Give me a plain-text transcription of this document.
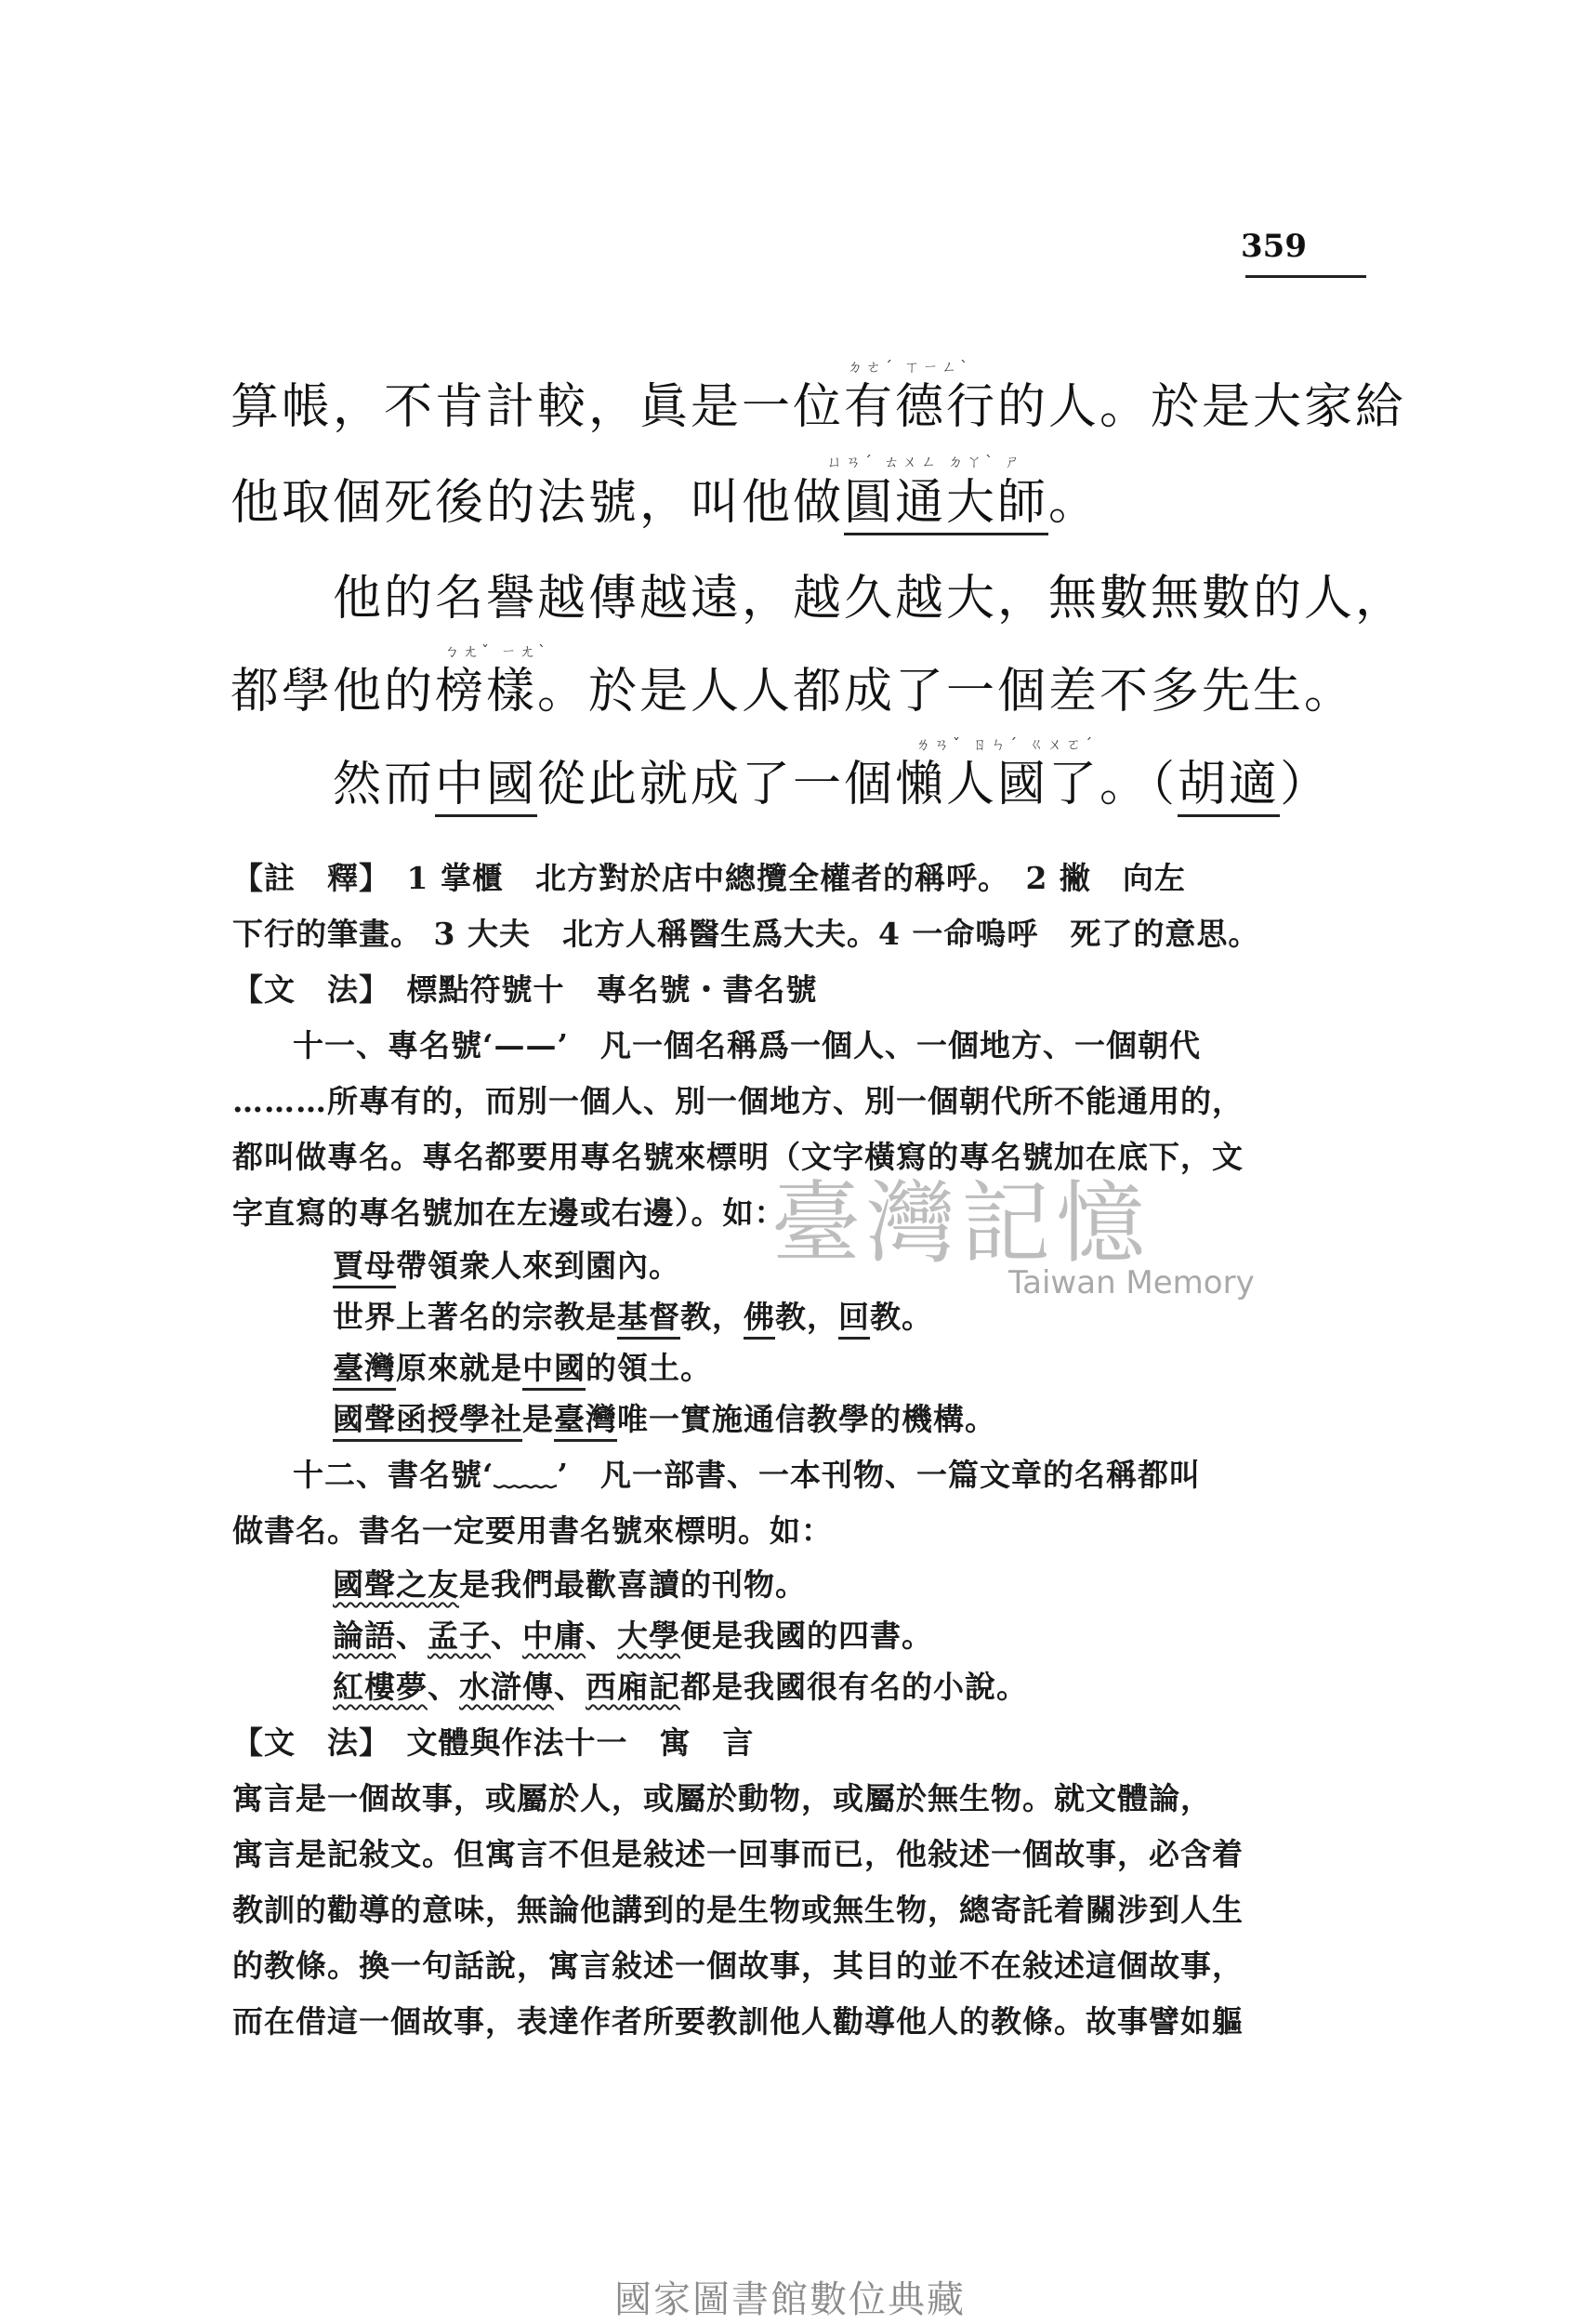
359
ㄉㄜˊ ㄒㄧㄥˋ
ㄩㄢˊ ㄊㄨㄥ ㄉㄚˋ ㄕ
ㄅㄤˇ ㄧㄤˋ
ㄌㄢˇ ㄖㄣˊ ㄍㄨㄛˊ
算帳，不肯計較，眞是一位有德行的人。於是大家給
他取個死後的法號，叫他做圓通大師。
他的名譽越傳越遠，越久越大，無數無數的人，
都學他的榜樣。於是人人都成了一個差不多先生。
然而中國從此就成了一個懶人國了。（胡適）
【註　釋】　1 掌櫃　北方對於店中總攬全權者的稱呼。　2 撇　向左
下行的筆畫。 3 大夫　北方人稱醫生爲大夫。4 一命嗚呼　死了的意思。
【文　法】　標點符號十　專名號・書名號
十一、專名號‘——’　凡一個名稱爲一個人、一個地方、一個朝代
………所專有的，而別一個人、別一個地方、別一個朝代所不能通用的，
都叫做專名。專名都要用專名號來標明（文字橫寫的專名號加在底下，文
字直寫的專名號加在左邊或右邊）。如：
賈母帶領衆人來到園內。
世界上著名的宗教是基督教，佛教，回教。
臺灣原來就是中國的領土。
國聲函授學社是臺灣唯一實施通信教學的機構。
十二、書名號‘﹏﹏’　凡一部書、一本刊物、一篇文章的名稱都叫
做書名。書名一定要用書名號來標明。如：
國聲之友是我們最歡喜讀的刊物。
論語、孟子、中庸、大學便是我國的四書。
紅樓夢、水滸傳、西廂記都是我國很有名的小說。
【文　法】　文體與作法十一　寓　言
寓言是一個故事，或屬於人，或屬於動物，或屬於無生物。就文體論，
寓言是記敍文。但寓言不但是敍述一回事而已，他敍述一個故事，必含着
教訓的勸導的意味，無論他講到的是生物或無生物，總寄託着關涉到人生
的教條。換一句話說，寓言敍述一個故事，其目的並不在敍述這個故事，
而在借這一個故事，表達作者所要教訓他人勸導他人的教條。故事譬如軀
臺灣記憶
Taiwan Memory
國家圖書館數位典藏
